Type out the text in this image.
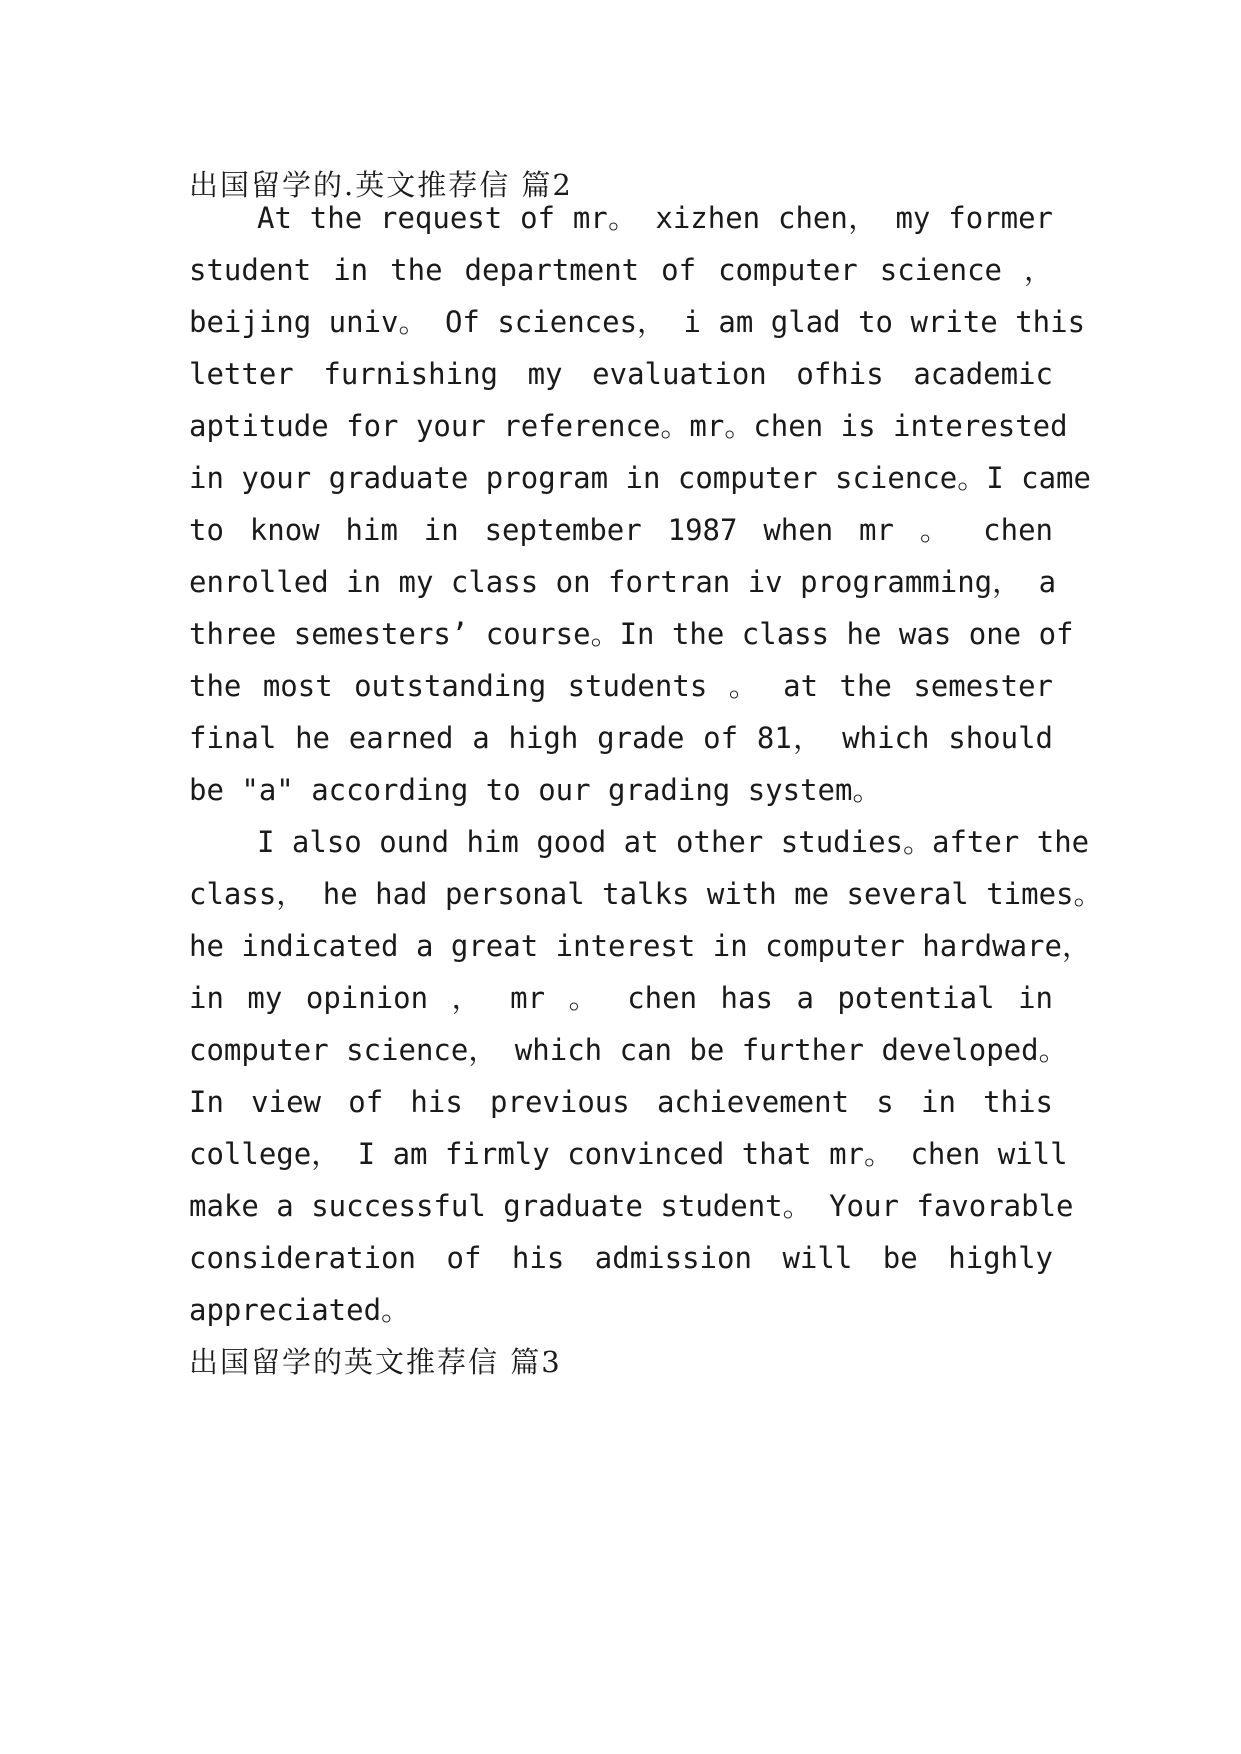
出国留学的.英文推荐信 篇2
At the request of mr。 xizhen chen， my former
student in the department of computer science ，
beijing univ。 Of sciences， i am glad to write this
letter furnishing my evaluation ofhis academic
aptitude for your reference。mr。chen is interested
in your graduate program in computer science。I came
to know him in september 1987 when mr 。 chen
enrolled in my class on fortran iv programming， a
three semesters’ course。In the class he was one of
the most outstanding students 。 at the semester
final he earned a high grade of 81， which should
be "a" according to our grading system。
I also ound him good at other studies。after the
class， he had personal talks with me several times。
he indicated a great interest in computer hardware，
in my opinion ， mr 。 chen has a potential in
computer science， which can be further developed。
In view of his previous achievement s in this
college， I am firmly convinced that mr。 chen will
make a successful graduate student。 Your favorable
consideration of his admission will be highly
appreciated。
出国留学的英文推荐信 篇3
